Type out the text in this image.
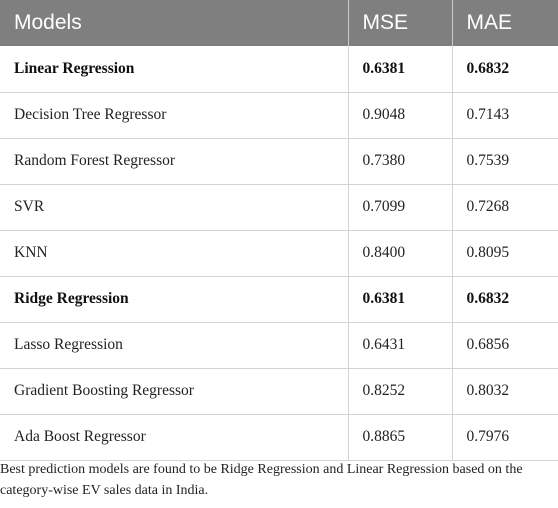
Models	MSE	MAE
Linear Regression	0.6381	0.6832
Decision Tree Regressor	0.9048	0.7143
Random Forest Regressor	0.7380	0.7539
SVR	0.7099	0.7268
KNN	0.8400	0.8095
Ridge Regression	0.6381	0.6832
Lasso Regression	0.6431	0.6856
Gradient Boosting Regressor	0.8252	0.8032
Ada Boost Regressor	0.8865	0.7976

Best prediction models are found to be Ridge Regression and Linear Regression based on the category-wise EV sales data in India.
